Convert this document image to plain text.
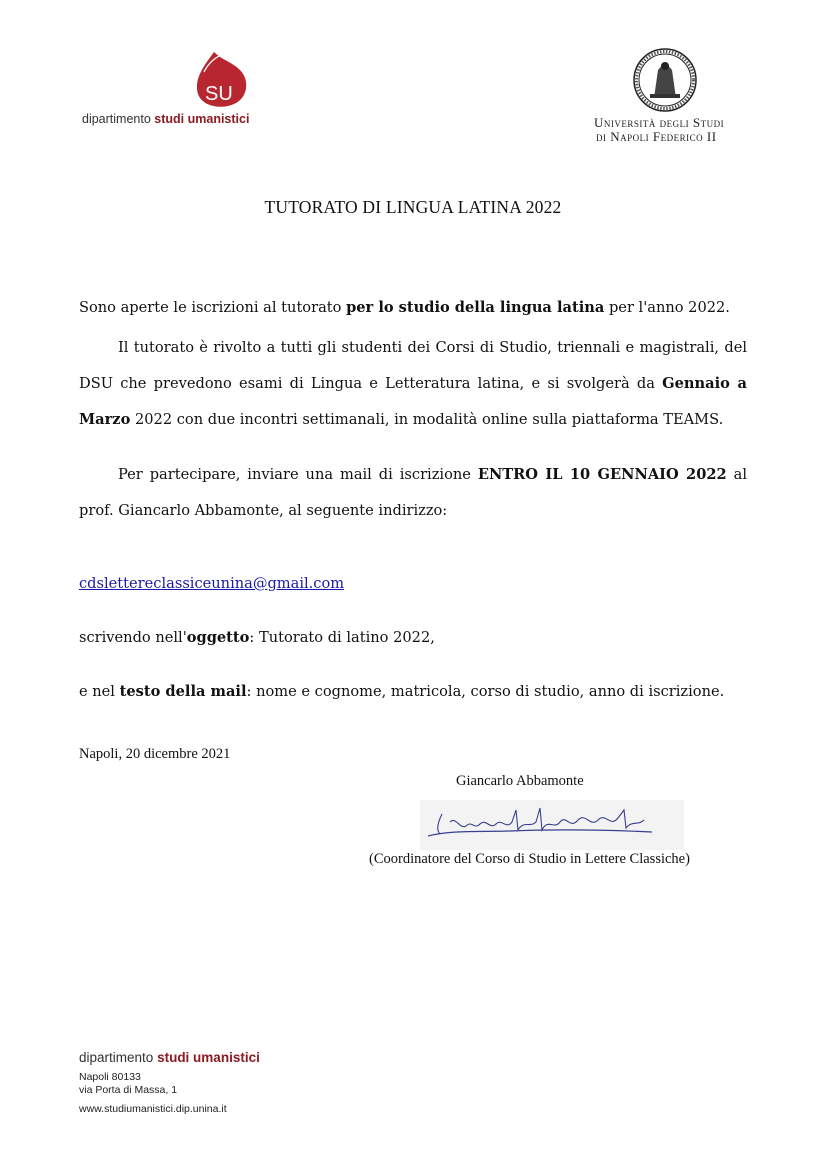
SU
dipartimento studi umanistici	Università degli Studi
di Napoli Federico II
TUTORATO DI LINGUA LATINA 2022
Sono aperte le iscrizioni al tutorato per lo studio della lingua latina per l'anno 2022.
Il tutorato è rivolto a tutti gli studenti dei Corsi di Studio, triennali e magistrali, del DSU che prevedono esami di Lingua e Letteratura latina, e si svolgerà da Gennaio a Marzo 2022 con due incontri settimanali, in modalità online sulla piattaforma TEAMS.
Per partecipare, inviare una mail di iscrizione ENTRO IL 10 GENNAIO 2022 al prof. Giancarlo Abbamonte, al seguente indirizzo:
cdslettereclassiceunina@gmail.com
scrivendo nell'oggetto: Tutorato di latino 2022,
e nel testo della mail: nome e cognome, matricola, corso di studio, anno di iscrizione.
Napoli, 20 dicembre 2021
Giancarlo Abbamonte
(Coordinatore del Corso di Studio in Lettere Classiche)
dipartimento studi umanistici
Napoli 80133
via Porta di Massa, 1
www.studiumanistici.dip.unina.it
